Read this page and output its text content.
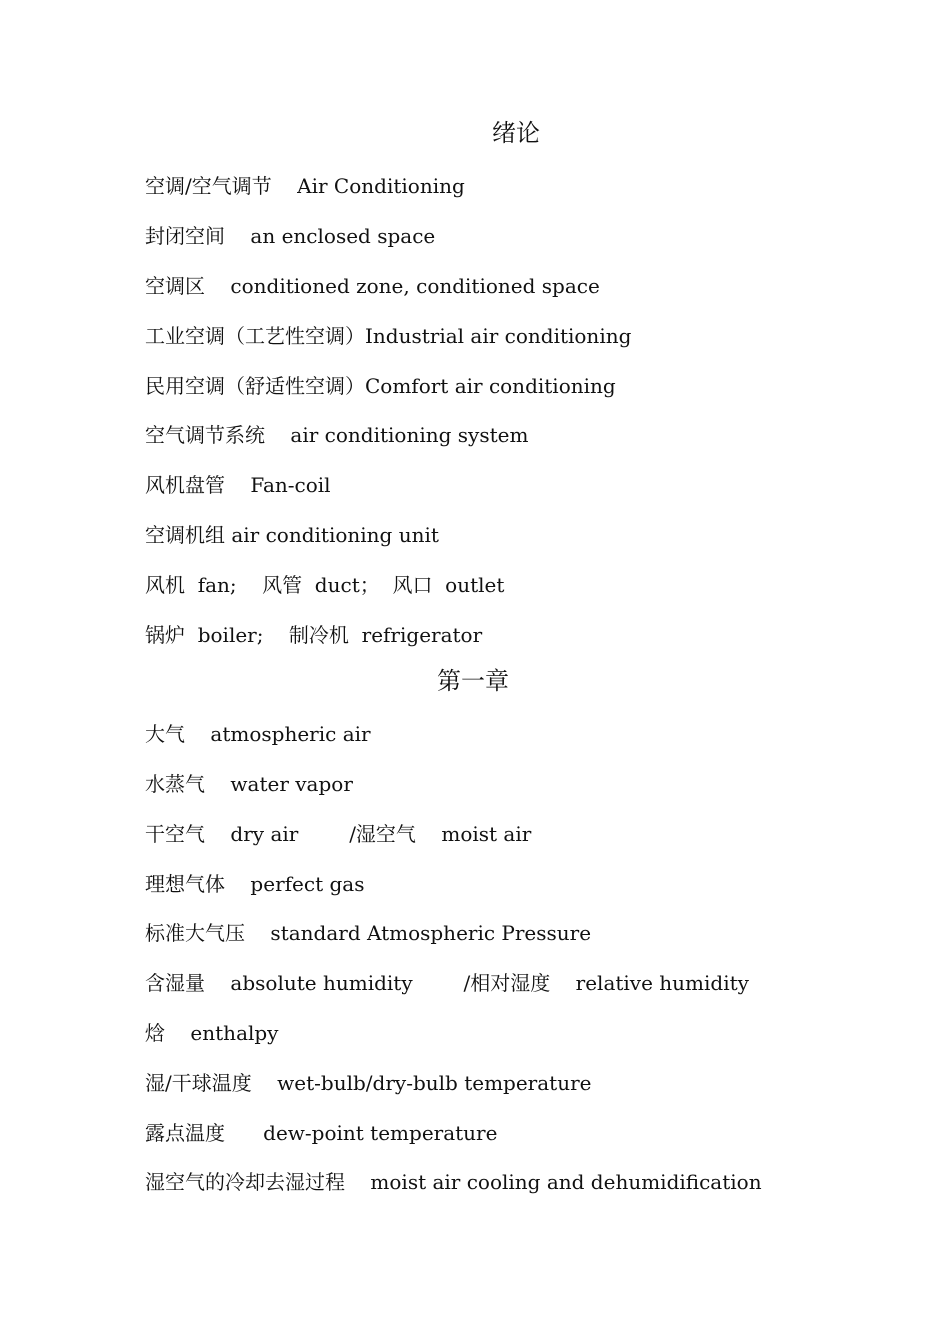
绪论
空调/空气调节    Air Conditioning
封闭空间    an enclosed space
空调区    conditioned zone, conditioned space
工业空调（工艺性空调）Industrial air conditioning
民用空调（舒适性空调）Comfort air conditioning
空气调节系统    air conditioning system
风机盘管    Fan-coil
空调机组 air conditioning unit
风机  fan;    风管  duct；  风口  outlet
锅炉  boiler;    制冷机  refrigerator
第一章
大气    atmospheric air
水蒸气    water vapor
干空气    dry air        /湿空气    moist air
理想气体    perfect gas
标准大气压    standard Atmospheric Pressure
含湿量    absolute humidity        /相对湿度    relative humidity
焓    enthalpy
湿/干球温度    wet-bulb/dry-bulb temperature
露点温度      dew-point temperature
湿空气的冷却去湿过程    moist air cooling and dehumidification
